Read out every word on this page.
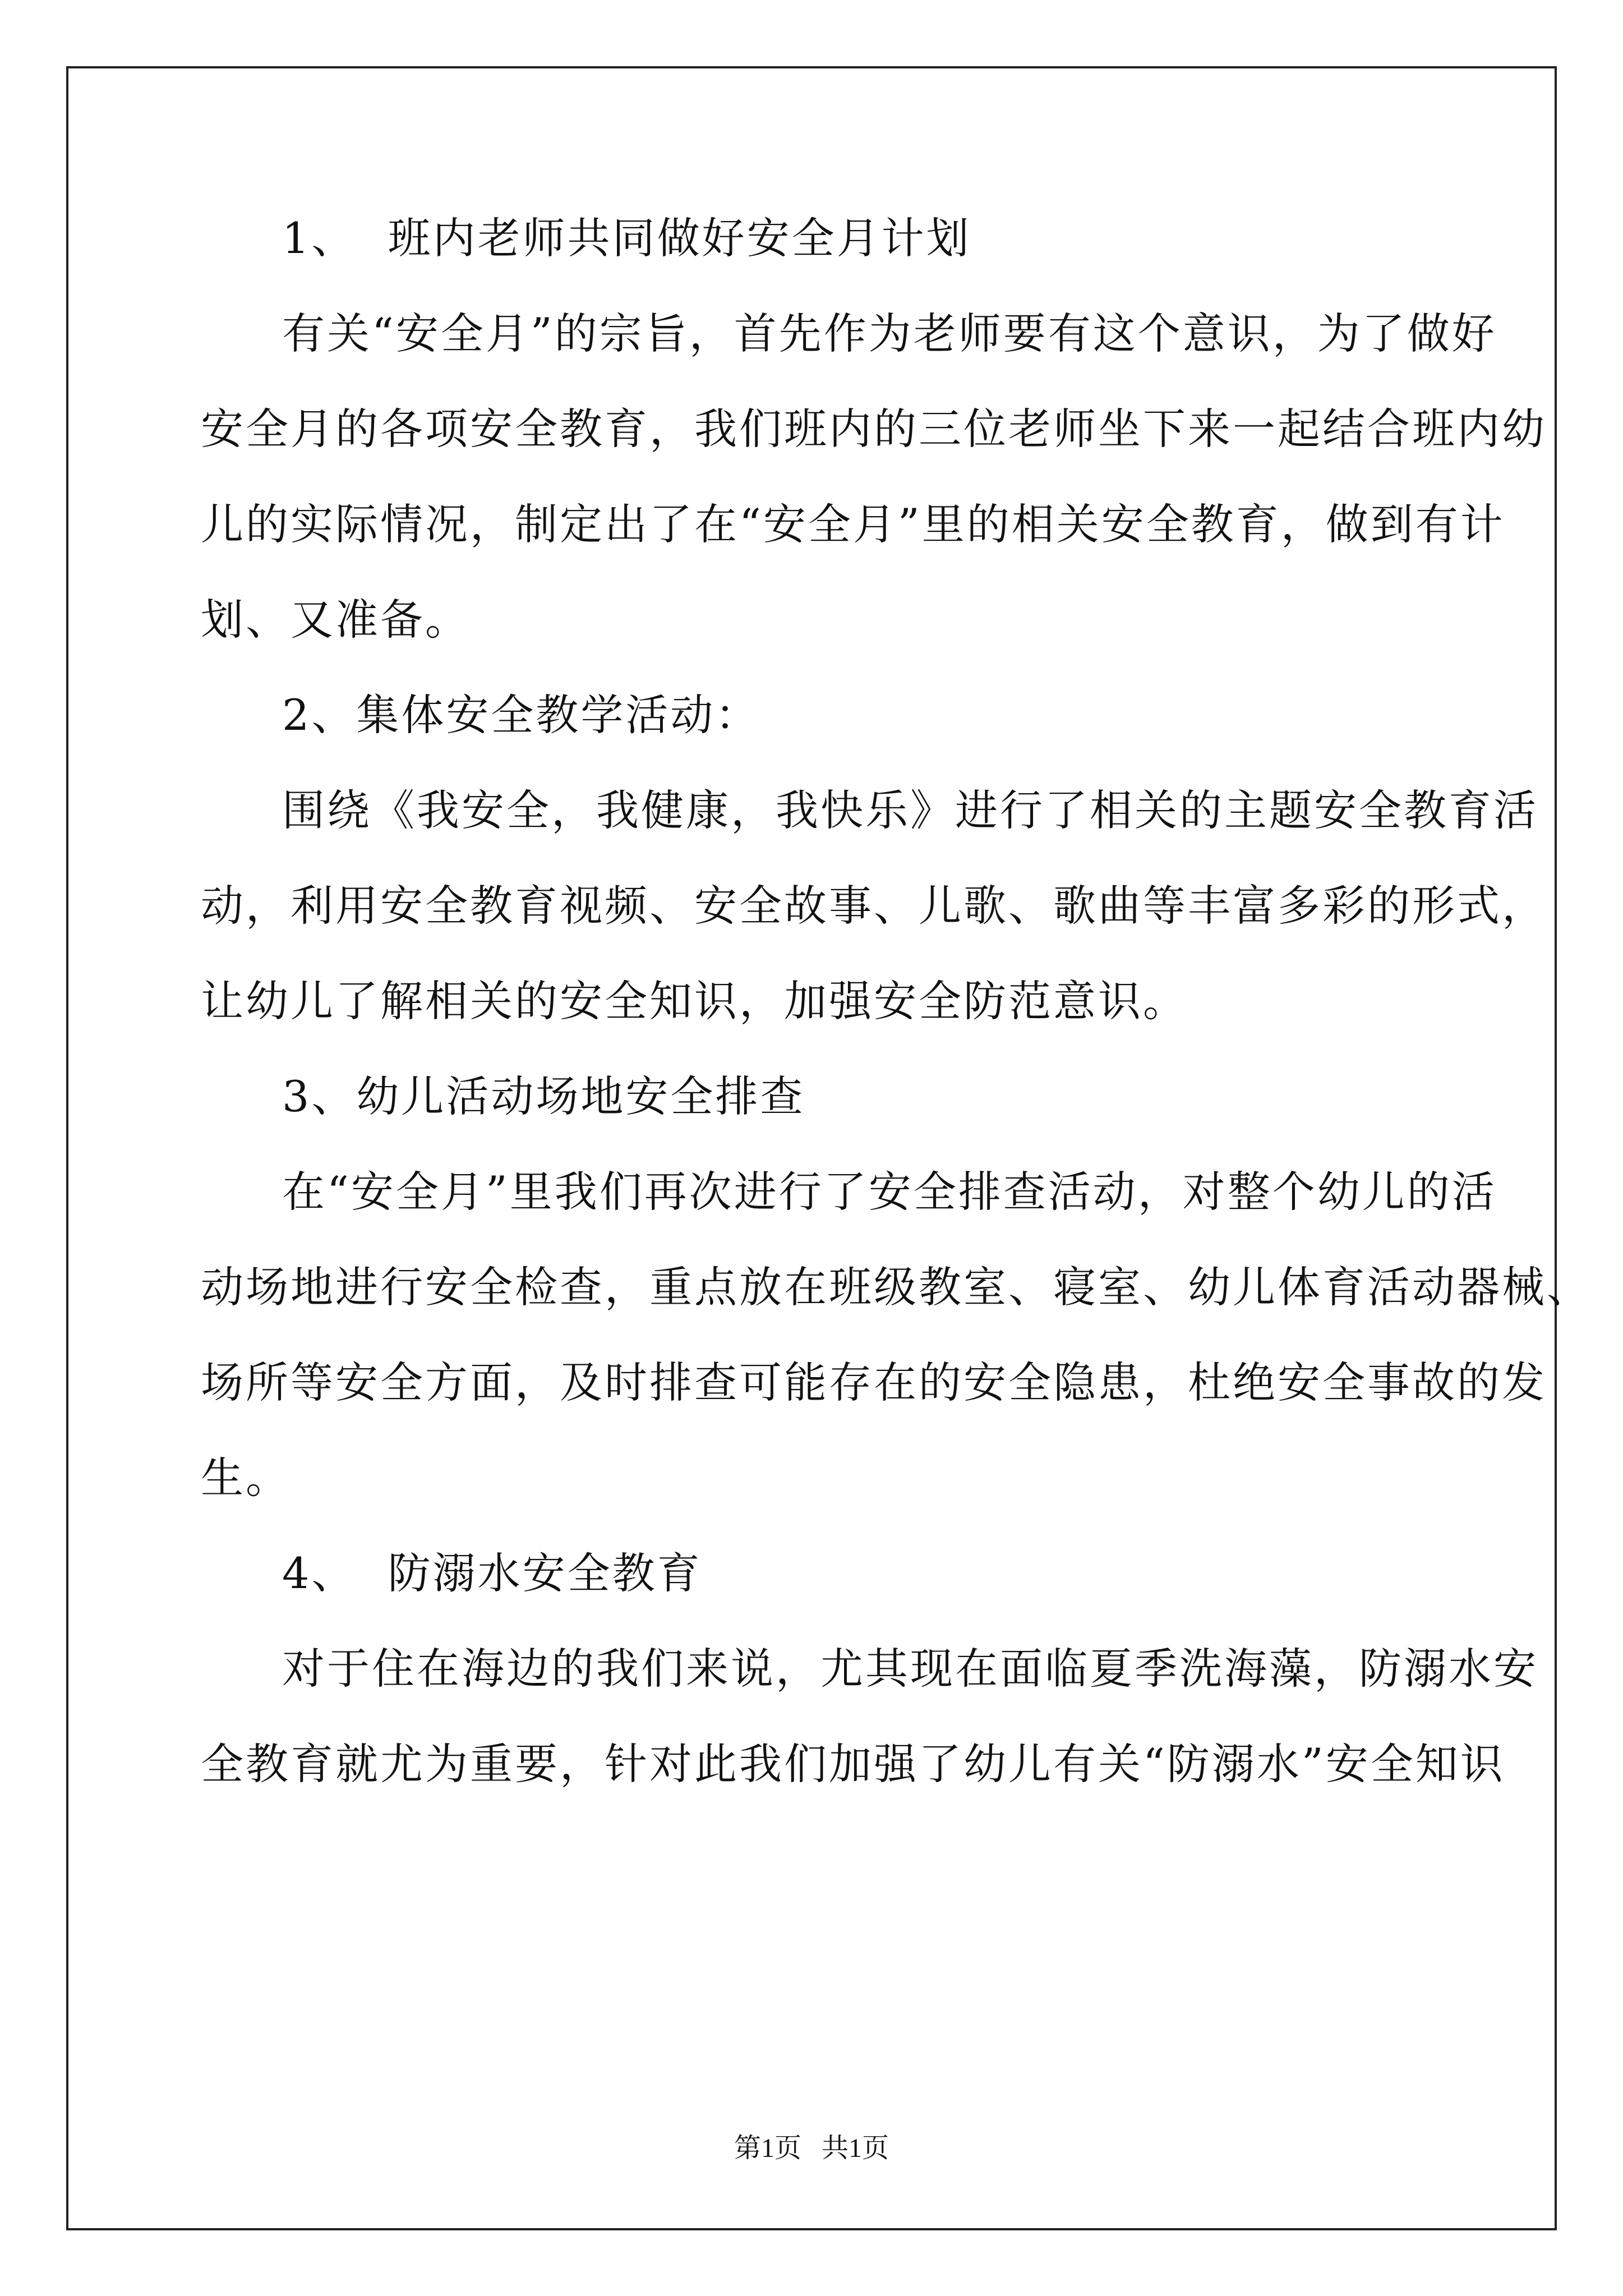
1、  班内老师共同做好安全月计划
有关“安全月”的宗旨，首先作为老师要有这个意识，为了做好
安全月的各项安全教育，我们班内的三位老师坐下来一起结合班内幼
儿的实际情况，制定出了在“安全月”里的相关安全教育，做到有计
划、又准备。
2、集体安全教学活动：
围绕《我安全，我健康，我快乐》进行了相关的主题安全教育活
动，利用安全教育视频、安全故事、儿歌、歌曲等丰富多彩的形式，
让幼儿了解相关的安全知识，加强安全防范意识。
3、幼儿活动场地安全排查
在“安全月”里我们再次进行了安全排查活动，对整个幼儿的活
动场地进行安全检查，重点放在班级教室、寝室、幼儿体育活动器械、
场所等安全方面，及时排查可能存在的安全隐患，杜绝安全事故的发
生。
4、  防溺水安全教育
对于住在海边的我们来说，尤其现在面临夏季洗海藻，防溺水安
全教育就尤为重要，针对此我们加强了幼儿有关“防溺水”安全知识
第1页   共1页
